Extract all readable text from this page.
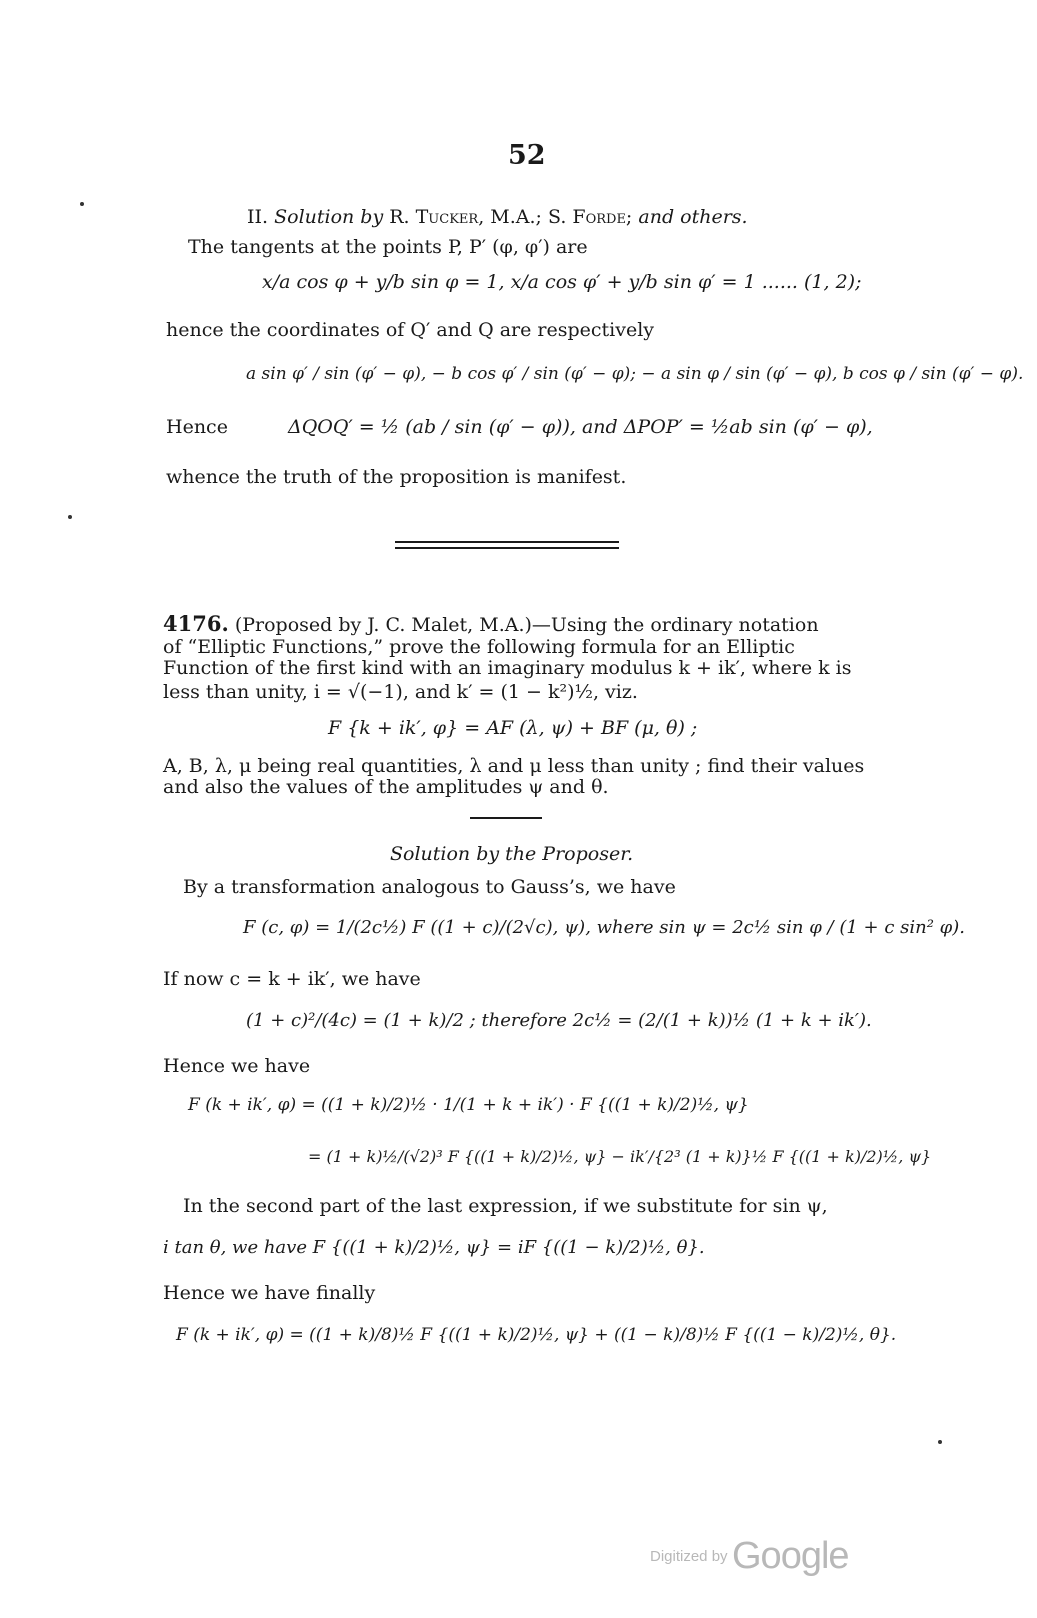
52
II. Solution by R. Tucker, M.A.; S. Forde; and others.
The tangents at the points P, P′ (φ, φ′) are
x/a cos φ + y/b sin φ = 1, x/a cos φ′ + y/b sin φ′ = 1 ...... (1, 2);
hence the coordinates of Q′ and Q are respectively
a sin φ′ / sin (φ′ − φ), − b cos φ′ / sin (φ′ − φ); − a sin φ / sin (φ′ − φ), b cos φ / sin (φ′ − φ).
Hence	ΔQOQ′ = ½ (ab / sin (φ′ − φ)), and ΔPOP′ = ½ab sin (φ′ − φ),
whence the truth of the proposition is manifest.
4176. (Proposed by J. C. Malet, M.A.)—Using the ordinary notation
of “Elliptic Functions,” prove the following formula for an Elliptic
Function of the first kind with an imaginary modulus k + ik′, where k is
less than unity, i = √(−1), and k′ = (1 − k²)½, viz.
F {k + ik′, φ} = AF (λ, ψ) + BF (μ, θ) ;
A, B, λ, μ being real quantities, λ and μ less than unity ; find their values
and also the values of the amplitudes ψ and θ.
Solution by the Proposer.
By a transformation analogous to Gauss’s, we have
F (c, φ) = 1/(2c½) F ((1 + c)/(2√c), ψ), where sin ψ = 2c½ sin φ / (1 + c sin² φ).
If now c = k + ik′, we have
(1 + c)²/(4c) = (1 + k)/2 ; therefore 2c½ = (2/(1 + k))½ (1 + k + ik′).
Hence we have
F (k + ik′, φ) = ((1 + k)/2)½ · 1/(1 + k + ik′) · F {((1 + k)/2)½, ψ}
= (1 + k)½/(√2)³ F {((1 + k)/2)½, ψ} − ik′/{2³ (1 + k)}½ F {((1 + k)/2)½, ψ}
In the second part of the last expression, if we substitute for sin ψ,
i tan θ, we have F {((1 + k)/2)½, ψ} = iF {((1 − k)/2)½, θ}.
Hence we have finally
F (k + ik′, φ) = ((1 + k)/8)½ F {((1 + k)/2)½, ψ} + ((1 − k)/8)½ F {((1 − k)/2)½, θ}.
Digitized by Google
